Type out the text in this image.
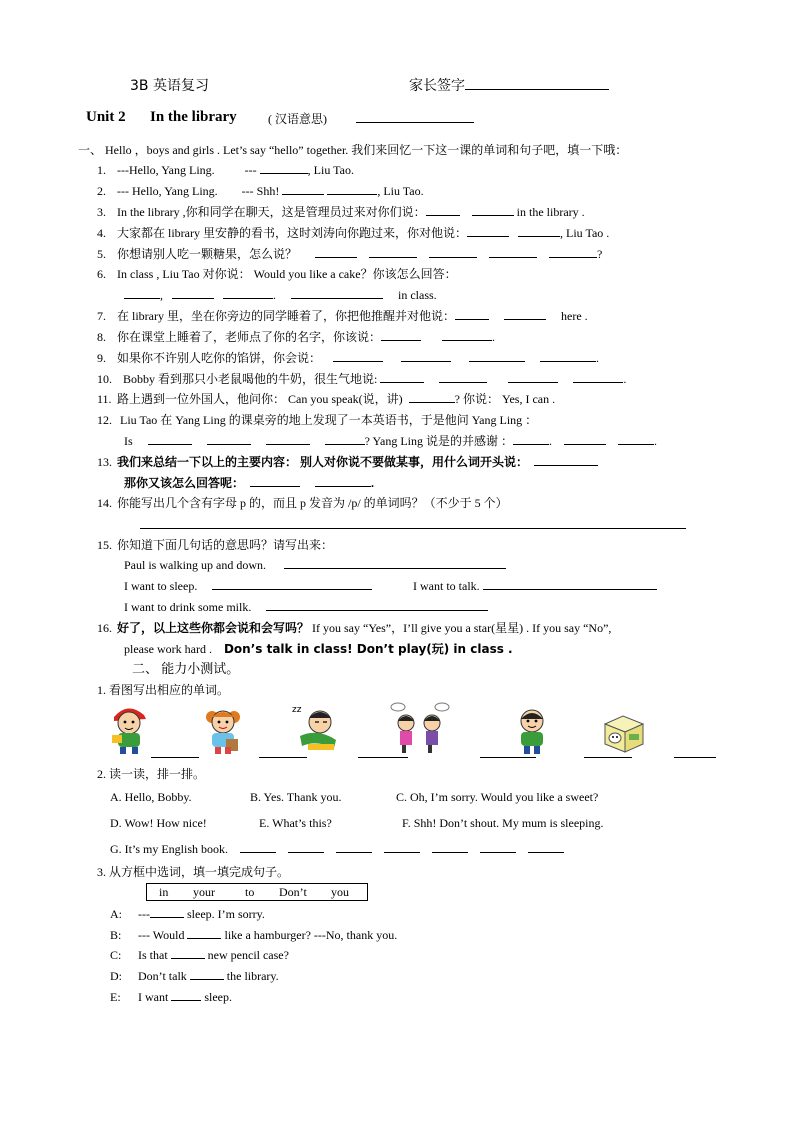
3B 英语复习	家长签字
Unit 2 In the library	( 汉语意思)
一、 Hello ，boys and girls . Let’s say “hello” together. 我们来回忆一下这一课的单词和句子吧，填一下哦：
1. ---Hello, Yang Ling.	---	, Liu Tao.
2. --- Hello, Yang Ling. --- Shh!	, Liu Tao.
3. In the library ,你和同学在聊天，这是管理员过来对你们说：	in the library .
4. 大家都在 library 里安静的看书，这时刘涛向你跑过来，你对他说：	, Liu Tao .
5. 你想请别人吃一颗糖果，怎么说？	?
6. In class , Liu Tao 对你说： Would you like a cake？你该怎么回答：
,	.	in class.
7. 在 library 里，坐在你旁边的同学睡着了，你把他推醒并对他说：	here .
8. 你在课堂上睡着了，老师点了你的名字，你该说：	.
9. 如果你不许别人吃你的馅饼，你会说：	.
10. Bobby 看到那只小老鼠喝他的牛奶，很生气地说:	.
11. 路上遇到一位外国人，他问你： Can you speak(说，讲)	? 你说： Yes, I can .
12. Liu Tao 在 Yang Ling 的课桌旁的地上发现了一本英语书，于是他问 Yang Ling ：
Is	? Yang Ling 说是的并感谢 ：	.	.
13. 我们来总结一下以上的主要内容： 别人对你说不要做某事，用什么词开头说：
那你又该怎么回答呢：	.
14. 你能写出几个含有字母 p 的，而且 p 发音为 /p/ 的单词吗？（不少于 5 个）
15. 你知道下面几句话的意思吗？请写出来：
Paul is walking up and down.
I want to sleep.	I want to talk.
I want to drink some milk.
16. 好了，以上这些你都会说和会写吗？ If you say “Yes”，I’ll give you a star(星星) . If you say “No”,
please work hard . Don’s talk in class! Don’t play(玩) in class .
二、 能力小测试。
1. 看图写出相应的单词。
zz

2. 读一读，排一排。
A. Hello, Bobby.	B. Yes. Thank you.	C. Oh, I’m sorry. Would you like a sweet?
D. Wow! How nice!	E. What’s this?	F. Shh! Don’t shout. My mum is sleeping.
G. It’s my English book.
3. 从方框中选词，填一填完成句子。
in your	to Don’t you
A: ---	sleep. I’m sorry.
B: --- Would	like a hamburger? ---No, thank you.
C: Is that	new pencil case?
D: Don’t talk	the library.
E: I want	sleep.
